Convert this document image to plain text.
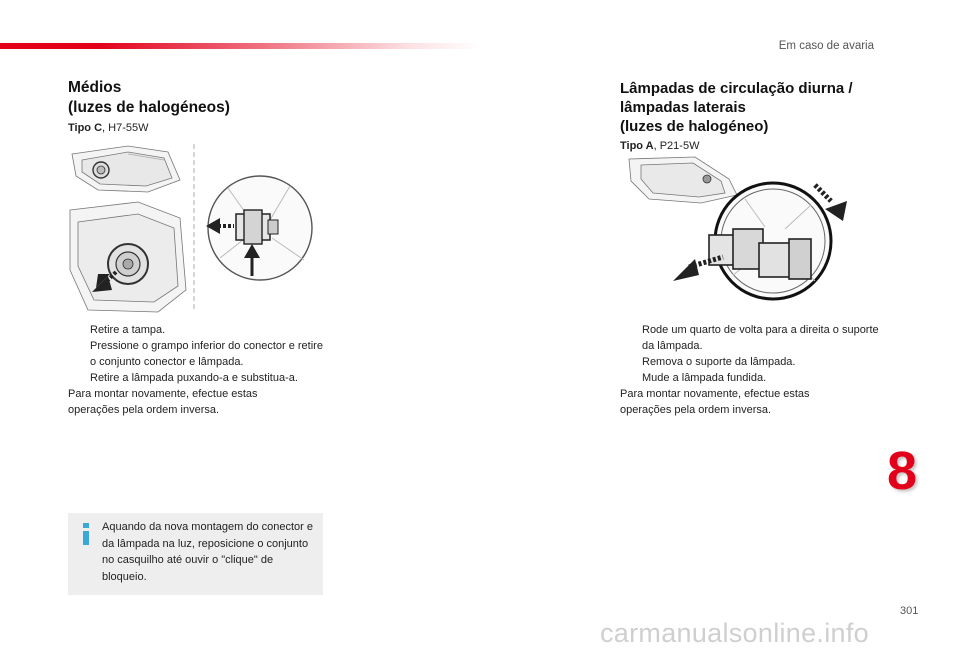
Em caso de avaria
Médios
(luzes de halogéneos)
Tipo C, H7-55W
Retire a tampa.
Pressione o grampo inferior do conector e retire o conjunto conector e lâmpada.
Retire a lâmpada puxando-a e substitua-a.
Para montar novamente, efectue estas operações pela ordem inversa.
Aquando da nova montagem do conector e da lâmpada na luz, reposicione o conjunto no casquilho até ouvir o "clique" de bloqueio.
Lâmpadas de circulação diurna /
lâmpadas laterais
(luzes de halogéneo)
Tipo A, P21-5W
Rode um quarto de volta para a direita o suporte da lâmpada.
Remova o suporte da lâmpada.
Mude a lâmpada fundida.
Para montar novamente, efectue estas operações pela ordem inversa.
8
301
carmanualsonline.info
